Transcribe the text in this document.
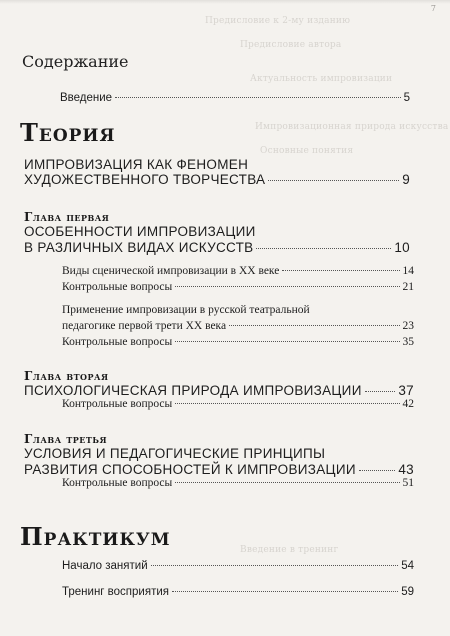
7
Предисловие к 2-му изданию
Предисловие автора
Актуальность импровизации
Импровизационная природа искусства
Основные понятия
Введение в тренинг
Содержание
Введение	5
Теория
ИМПРОВИЗАЦИЯ КАК ФЕНОМЕН
ХУДОЖЕСТВЕННОГО ТВОРЧЕСТВА	9
Глава первая
ОСОБЕННОСТИ ИМПРОВИЗАЦИИ
В РАЗЛИЧНЫХ ВИДАХ ИСКУССТВ	10
Виды сценической импровизации в XX веке	14
Контрольные вопросы	21
Применение импровизации в русской театральной
педагогике первой трети XX века	23
Контрольные вопросы	35
Глава вторая
ПСИХОЛОГИЧЕСКАЯ ПРИРОДА ИМПРОВИЗАЦИИ	37
Контрольные вопросы	42
Глава третья
УСЛОВИЯ И ПЕДАГОГИЧЕСКИЕ ПРИНЦИПЫ
РАЗВИТИЯ СПОСОБНОСТЕЙ К ИМПРОВИЗАЦИИ	43
Контрольные вопросы	51
Практикум
Начало занятий	54
Тренинг восприятия	59
